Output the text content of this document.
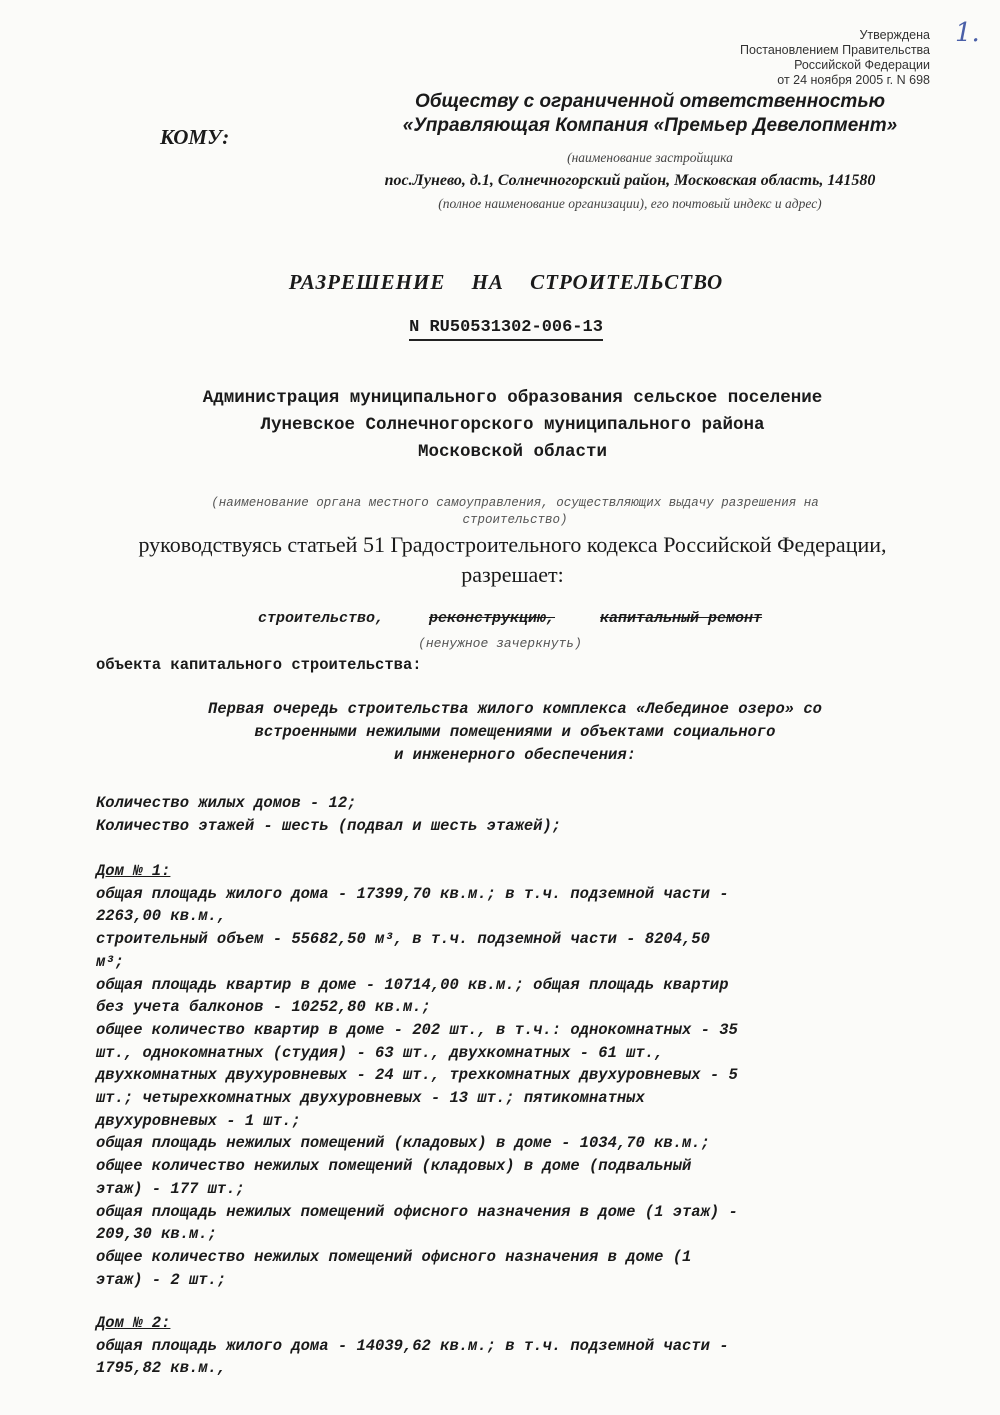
Утверждена
Постановлением Правительства
Российской Федерации
от 24 ноября 2005 г. N 698
1.
КОМУ:
Обществу с ограниченной ответственностью
«Управляющая Компания «Премьер Девелопмент»
(наименование застройщика
пос.Лунево, д.1, Солнечногорский район, Московская область, 141580
(полное наименование организации), его почтовый индекс и адрес)
РАЗРЕШЕНИЕ НА СТРОИТЕЛЬСТВО
N RU50531302-006-13
Администрация муниципального образования сельское поселение
Луневское Солнечногорского муниципального района
Московской области
(наименование органа местного самоуправления, осуществляющих выдачу разрешения на
строительство)
руководствуясь статьей 51 Градостроительного кодекса Российской Федерации,
разрешает:
строительство,	реконструкцию,	капитальный ремонт
(ненужное зачеркнуть)
объекта капитального строительства:
Первая очередь строительства жилого комплекса «Лебединое озеро» со
встроенными нежилыми помещениями и объектами социального
и инженерного обеспечения:

Количество жилых домов - 12;

Количество этажей - шесть (подвал и шесть этажей);

Дом № 1:

общая площадь жилого дома - 17399,70 кв.м.; в т.ч. подземной части -

2263,00 кв.м.,

строительный объем - 55682,50 м³, в т.ч. подземной части - 8204,50

м³;

общая площадь квартир в доме - 10714,00 кв.м.; общая площадь квартир

без учета балконов - 10252,80 кв.м.;

общее количество квартир в доме - 202 шт., в т.ч.: однокомнатных - 35

шт., однокомнатных (студия) - 63 шт., двухкомнатных - 61 шт.,

двухкомнатных двухуровневых - 24 шт., трехкомнатных двухуровневых - 5

шт.; четырехкомнатных двухуровневых - 13 шт.; пятикомнатных

двухуровневых - 1 шт.;

общая площадь нежилых помещений (кладовых) в доме - 1034,70 кв.м.;

общее количество нежилых помещений (кладовых) в доме (подвальный

этаж) - 177 шт.;

общая площадь нежилых помещений офисного назначения в доме (1 этаж) -

209,30 кв.м.;

общее количество нежилых помещений офисного назначения в доме (1

этаж) - 2 шт.;

Дом № 2:

общая площадь жилого дома - 14039,62 кв.м.; в т.ч. подземной части -

1795,82 кв.м.,
